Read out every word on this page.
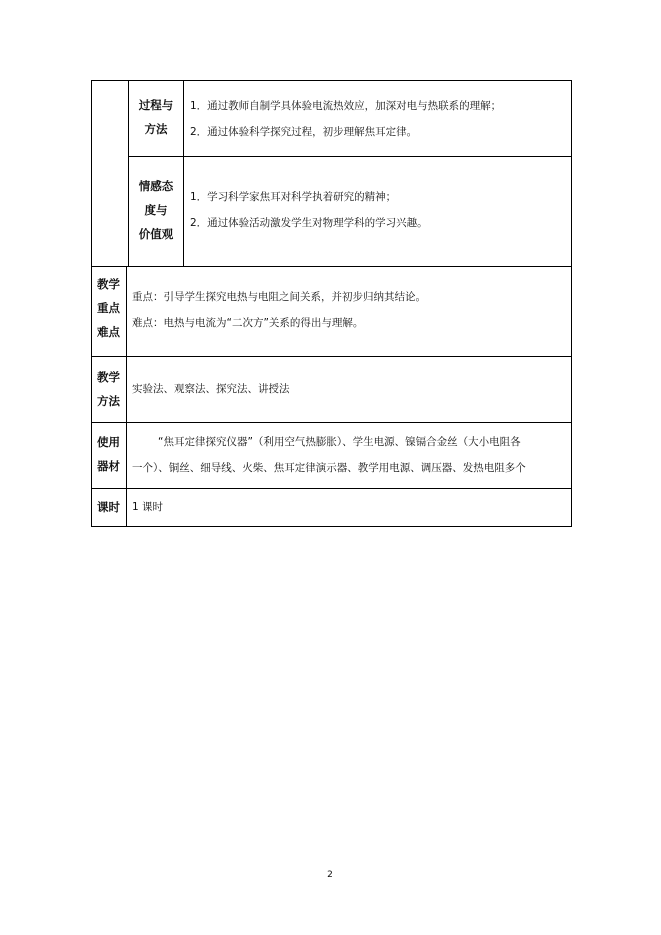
过程与
方法
1．通过教师自制学具体验电流热效应，加深对电与热联系的理解；
2．通过体验科学探究过程，初步理解焦耳定律。
情感态
度与
价值观
1．学习科学家焦耳对科学执着研究的精神；
2．通过体验活动激发学生对物理学科的学习兴趣。
教学
重点
难点
重点：引导学生探究电热与电阻之间关系，并初步归纳其结论。
难点：电热与电流为“二次方”关系的得出与理解。
教学
方法
实验法、观察法、探究法、讲授法
使用
器材
“焦耳定律探究仪器”（利用空气热膨胀）、学生电源、镍镉合金丝（大小电阻各
一个）、铜丝、细导线、火柴、焦耳定律演示器、教学用电源、调压器、发热电阻多个
课时	1 课时
2
